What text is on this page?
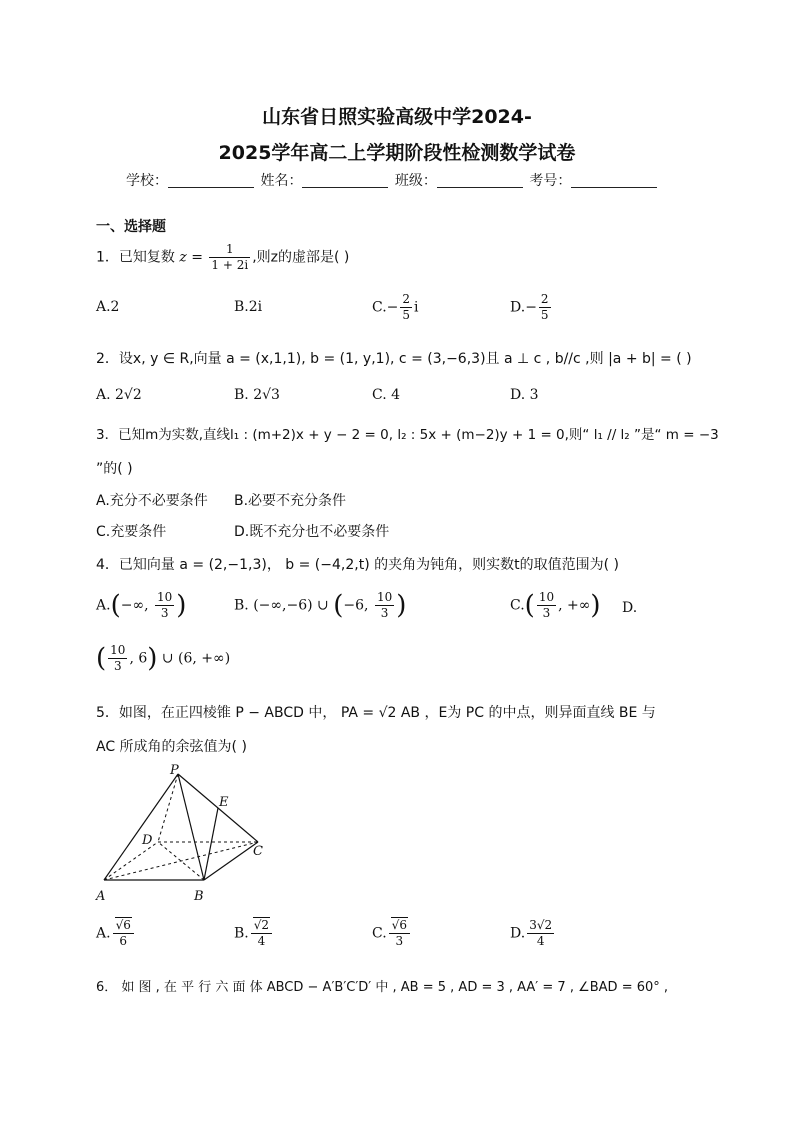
山东省日照实验高级中学2024-
2025学年高二上学期阶段性检测数学试卷
学校：	姓名：	班级：	考号：
一、选择题
1．已知复数 $z = \frac{1}{1 + 2i}$ ,则z的虚部是( )
A.2	B.2i	$C.- \frac{2}{5}$ i	$D.- \frac{2}{5}$
2．设x, y ∈ R,向量 a = (x,1,1), b = (1, y,1), c = (3,−6,3)且 a ⊥ c , b//c ,则 |a + b| = ( )
A. 2√2	B. 2√3	C. 4	D. 3
3．已知m为实数,直线l₁ : (m+2)x + y − 2 = 0, l₂ : 5x + (m−2)y + 1 = 0,则“ l₁ // l₂ ”是“ m = −3
”的( )
A.充分不必要条件 B.必要不充分条件
C.充要条件	D.既不充分也不必要条件
4．已知向量 a = (2,−1,3)， b = (−4,2,t) 的夹角为钝角，则实数t的取值范围为( )
A.(−∞, $\frac{10}{3}$ )	B. (−∞,−6) ∪ (−6, $\frac{10}{3}$ )	$C.( \frac{10}{3}$ , +∞) D.
( $\frac{10}{3}$ , 6) ∪ (6, +∞)
5．如图，在正四棱锥 P − ABCD 中， PA = √2 AB ，E为 PC 的中点，则异面直线 BE 与
AC 所成角的余弦值为( )
P
E
D
C
A	B
A. $\frac{√6}{6}$	B. $\frac{√2}{4}$	C. $\frac{√6}{3}$	D. $\frac{3√2}{4}$
6． 如 图 , 在 平 行 六 面 体 ABCD − A′B′C′D′ 中 , AB = 5 , AD = 3 , AA′ = 7 , ∠BAD = 60° ,
